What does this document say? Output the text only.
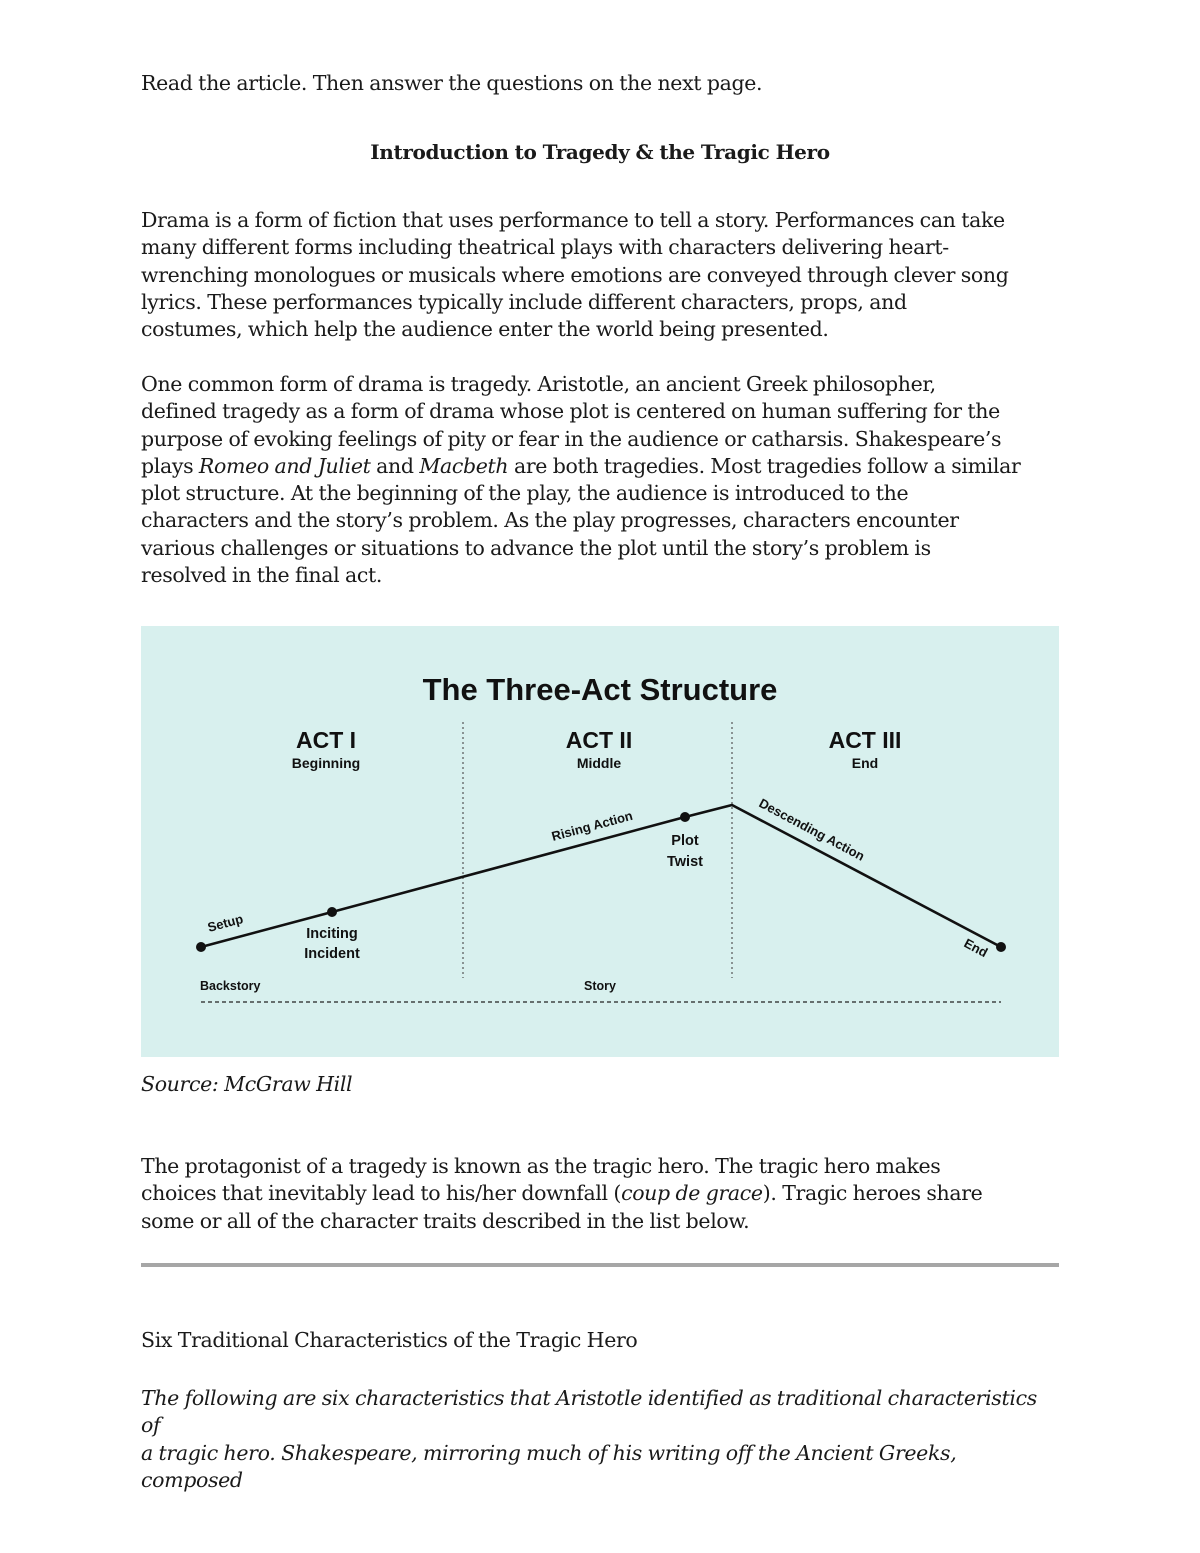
Read the article. Then answer the questions on the next page.

Introduction to Tragedy & the Tragic Hero

Drama is a form of fiction that uses performance to tell a story. Performances can take
many different forms including theatrical plays with characters delivering heart-
wrenching monologues or musicals where emotions are conveyed through clever song
lyrics. These performances typically include different characters, props, and
costumes, which help the audience enter the world being presented.
One common form of drama is tragedy. Aristotle, an ancient Greek philosopher,
defined tragedy as a form of drama whose plot is centered on human suffering for the
purpose of evoking feelings of pity or fear in the audience or catharsis. Shakespeare’s
plays Romeo and Juliet and Macbeth are both tragedies. Most tragedies follow a similar
plot structure. At the beginning of the play, the audience is introduced to the
characters and the story’s problem. As the play progresses, characters encounter
various challenges or situations to advance the plot until the story’s problem is
resolved in the final act.
The Three-Act Structure
ACT I
Beginning
ACT II
Middle
ACT III
End
Setup	Inciting
Incident
Rising Action	Plot
Twist	Descending Action
End
Backstory	Story

Source: McGraw Hill

The protagonist of a tragedy is known as the tragic hero. The tragic hero makes
choices that inevitably lead to his/her downfall (coup de grace). Tragic heroes share
some or all of the character traits described in the list below.

Six Traditional Characteristics of the Tragic Hero

The following are six characteristics that Aristotle identified as traditional characteristics of
a tragic hero. Shakespeare, mirroring much of his writing off the Ancient Greeks, composed
